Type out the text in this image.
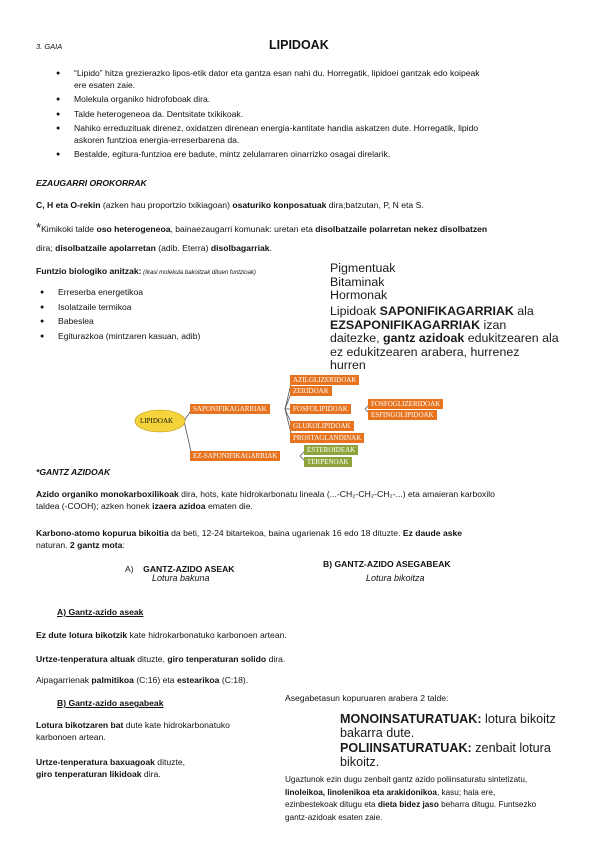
3. GAIA	LIPIDOAK
● “Lipido” hitza grezierazko lipos-etik dator eta gantza esan nahi du. Horregatik, lipidoei gantzak edo koipeak
ere esaten zaie.
● Molekula organiko hidrofoboak dira.
● Talde heterogeneoa da. Dentsitate txikikoak.
● Nahiko erreduzituak direnez, oxidatzen direnean energia-kantitate handia askatzen dute. Horregatik, lipido
askoren funtzioa energia-erreserbarena da.
● Bestalde, egitura-funtzioa ere badute, mintz zelularraren oinarrizko osagai direlarik.
EZAUGARRI OROKORRAK
C, H eta O-rekin (azken hau proportzio txikiagoan) osaturiko konposatuak dira;batzutan, P, N eta S.
*Kimikoki talde oso heterogeneoa, bainaezaugarri komunak: uretan eta disolbatzaile polarretan nekez disolbatzen
dira; disolbatzaile apolarretan (adib. Eterra) disolbagarriak.
Funtzio biologiko anitzak: (Ikasi molekula bakoitzak dituen funtzioak)
● Erreserba energetikoa
● Isolatzaile termikoa
● Babeslea
● Egiturazkoa (mintzaren kasuan, adib)
Pigmentuak
Bitaminak
Hormonak
Lipidoak SAPONIFIKAGARRIAK ala
EZSAPONIFIKAGARRIAK izan
daitezke, gantz azidoak edukitzearen ala
ez edukitzearen arabera, hurrenez
hurren
LIPIDOAK
SAPONIFIKAGARRIAK
EZ-SAPONIFIKAGARRIAK
AZILGLIZERIDOAK
ZERIDOAK
FOSFOLIPIDOAK
FOSFOGLIZERIDOAK
ESFINGOLIPIDOAK
GLUKOLIPIDOAK
PROSTAGLANDINAK
ESTEROIDEAK
TERPENOAK
*GANTZ AZIDOAK
Azido organiko monokarboxilikoak dira, hots, kate hidrokarbonatu lineala (...-CH₂-CH₂-CH₂-...) eta amaieran karboxilo
taldea (-COOH); azken honek izaera azidoa ematen die.
Karbono-atomo kopurua bikoitia da beti, 12-24 bitartekoa, baina ugarienak 16 edo 18 dituzte. Ez daude aske
naturan. 2 gantz mota:
A) GANTZ-AZIDO ASEAK
Lotura bakuna
B) GANTZ-AZIDO ASEGABEAK
Lotura bikoitza
A) Gantz-azido aseak
Ez dute lotura bikotzik kate hidrokarbonatuko karbonoen artean.
Urtze-tenperatura altuak dituzte, giro tenperaturan solido dira.
Aipagarrienak palmitikoa (C:16) eta estearikoa (C:18).
B) Gantz-azido asegabeak
Lotura bikotzaren bat dute kate hidrokarbonatuko
karbonoen artean.
Urtze-tenperatura baxuagoak dituzte,
giro tenperaturan likidoak dira.
Asegabetasun kopuruaren arabera 2 talde:
MONOINSATURATUAK: lotura bikoitz
bakarra dute.
POLIINSATURATUAK: zenbait lotura
bikoitz.
Ugaztunok ezin dugu zenbait gantz azido poliinsaturatu sintetizatu,
linoleikoa, linolenikoa eta arakidonikoa, kasu; hala ere,
ezinbestekoak ditugu eta dieta bidez jaso beharra ditugu. Funtsezko
gantz-azidoak esaten zaie.
